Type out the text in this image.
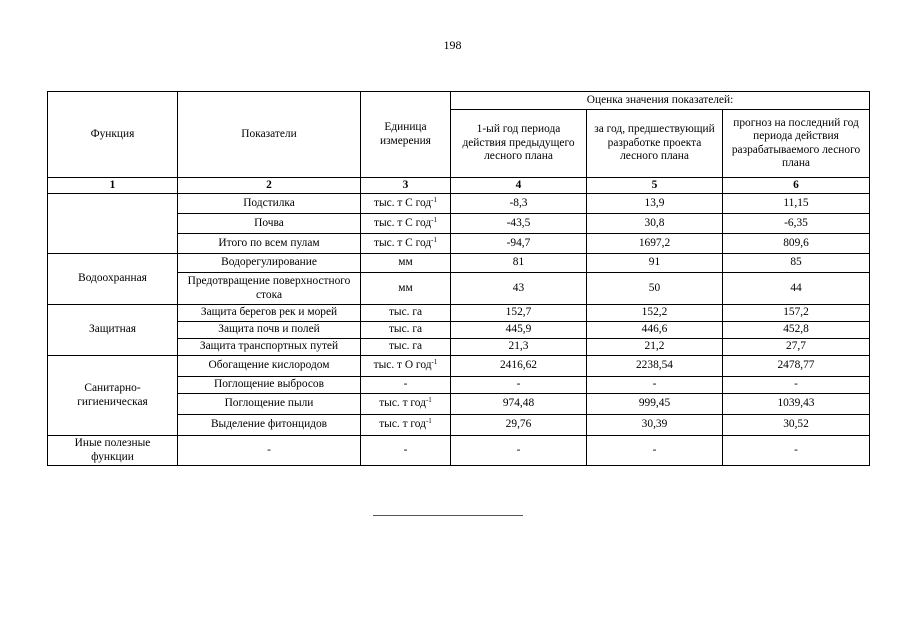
198
Функция	Показатели	Единица измерения	Оценка значения показателей:		
			1-ый год периода действия предыдущего лесного плана	за год, предшествующий разработке проекта лесного плана	прогноз на последний год периода действия разрабатываемого лесного плана
1	2	3	4	5	6
	Подстилка	тыс. т С год$^{-1}$	-8,3	13,9	11,15
	Почва	тыс. т С год$^{-1}$	-43,5	30,8	-6,35
	Итого по всем пулам	тыс. т С год$^{-1}$	-94,7	1697,2	809,6
Водоохранная	Водорегулирование	мм	81	91	85
	Предотвращение поверхностного стока	мм	43	50	44
Защитная	Защита берегов рек и морей	тыс. га	152,7	152,2	157,2
	Защита почв и полей	тыс. га	445,9	446,6	452,8
	Защита транспортных путей	тыс. га	21,3	21,2	27,7
Санитарно-гигиеническая	Обогащение кислородом	тыс. т О год$^{-1}$	2416,62	2238,54	2478,77
	Поглощение выбросов	-	-	-	-
	Поглощение пыли	тыс. т год$^{-1}$	974,48	999,45	1039,43
	Выделение фитонцидов	тыс. т год$^{-1}$	29,76	30,39	30,52
Иные полезные функции	-	-	-	-	-
